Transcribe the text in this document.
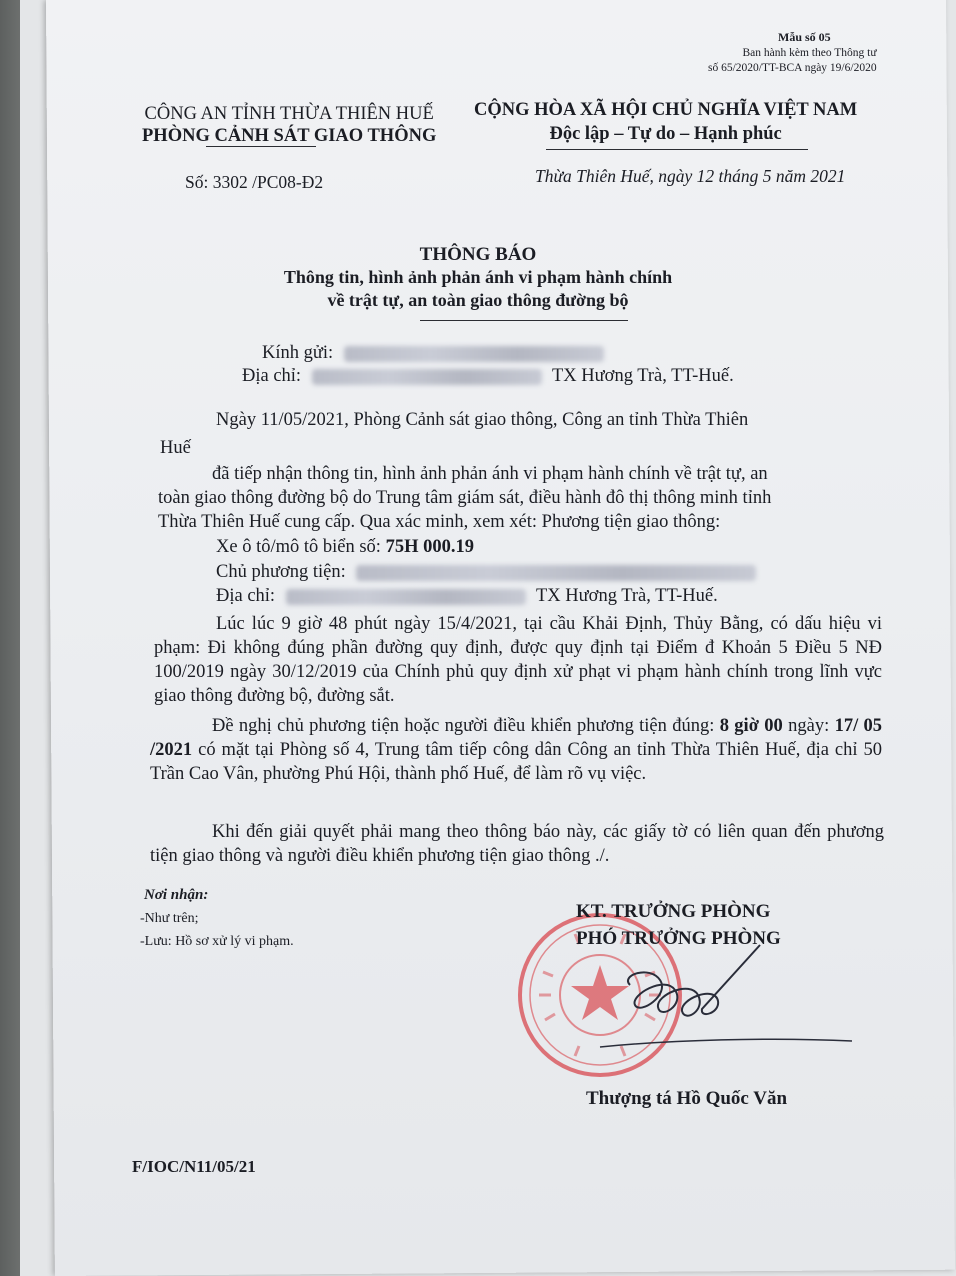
Mẫu số 05
Ban hành kèm theo Thông tư
số 65/2020/TT-BCA ngày 19/6/2020
CÔNG AN TỈNH THỪA THIÊN HUẾ
PHÒNG CẢNH SÁT GIAO THÔNG
CỘNG HÒA XÃ HỘI CHỦ NGHĨA VIỆT NAM
Độc lập – Tự do – Hạnh phúc
Số: 3302 /PC08-Đ2	Thừa Thiên Huế, ngày 12 tháng 5 năm 2021
THÔNG BÁO
Thông tin, hình ảnh phản ánh vi phạm hành chính
về trật tự, an toàn giao thông đường bộ
Kính gửi:
Địa chỉ:	TX Hương Trà, TT-Huế.
Ngày 11/05/2021, Phòng Cảnh sát giao thông, Công an tỉnh Thừa Thiên
Huế
đã tiếp nhận thông tin, hình ảnh phản ánh vi phạm hành chính về trật tự, an
toàn giao thông đường bộ do Trung tâm giám sát, điều hành đô thị thông minh tỉnh
Thừa Thiên Huế cung cấp. Qua xác minh, xem xét: Phương tiện giao thông:
Xe ô tô/mô tô biển số: 75H 000.19
Chủ phương tiện:
Địa chỉ:	TX Hương Trà, TT-Huế.
Lúc lúc 9 giờ 48 phút ngày 15/4/2021, tại cầu Khải Định, Thủy Bằng, có dấu hiệu vi phạm: Đi không đúng phần đường quy định, được quy định tại Điểm đ Khoản 5 Điều 5 NĐ 100/2019 ngày 30/12/2019 của Chính phủ quy định xử phạt vi phạm hành chính trong lĩnh vực giao thông đường bộ, đường sắt.
Đề nghị chủ phương tiện hoặc người điều khiển phương tiện đúng: 8 giờ 00 ngày: 17/ 05 /2021 có mặt tại Phòng số 4, Trung tâm tiếp công dân Công an tỉnh Thừa Thiên Huế, địa chỉ 50 Trần Cao Vân, phường Phú Hội, thành phố Huế, để làm rõ vụ việc.
Khi đến giải quyết phải mang theo thông báo này, các giấy tờ có liên quan đến phương tiện giao thông và người điều khiển phương tiện giao thông ./.
Nơi nhận:
-Như trên;
-Lưu: Hồ sơ xử lý vi phạm.
KT. TRƯỞNG PHÒNG
PHÓ TRƯỞNG PHÒNG
Thượng tá Hồ Quốc Văn
F/IOC/N11/05/21
